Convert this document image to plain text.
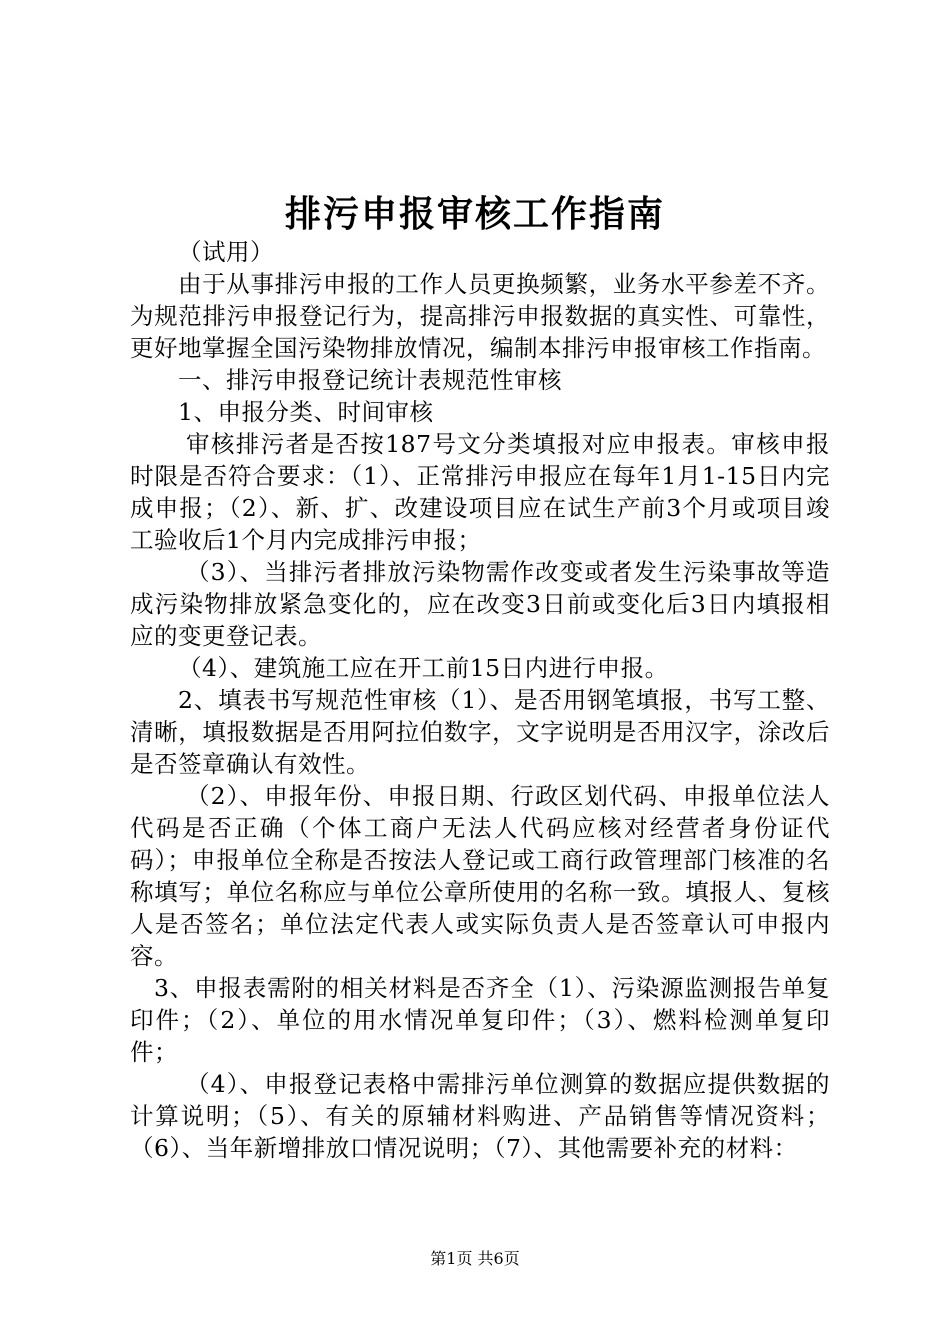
排污申报审核工作指南

（试用）

由于从事排污申报的工作人员更换频繁，业务水平参差不齐。为规范排污申报登记行为，提高排污申报数据的真实性、可靠性，更好地掌握全国污染物排放情况，编制本排污申报审核工作指南。

一、排污申报登记统计表规范性审核

1、申报分类、时间审核

审核排污者是否按187号文分类填报对应申报表。审核申报时限是否符合要求：（1）、正常排污申报应在每年1月1-15日内完成申报；（2）、新、扩、改建设项目应在试生产前3个月或项目竣工验收后1个月内完成排污申报；

（3）、当排污者排放污染物需作改变或者发生污染事故等造成污染物排放紧急变化的，应在改变3日前或变化后3日内填报相应的变更登记表。

（4）、建筑施工应在开工前15日内进行申报。

2、填表书写规范性审核（1）、是否用钢笔填报，书写工整、清晰，填报数据是否用阿拉伯数字，文字说明是否用汉字，涂改后是否签章确认有效性。

（2）、申报年份、申报日期、行政区划代码、申报单位法人代码是否正确（个体工商户无法人代码应核对经营者身份证代码）；申报单位全称是否按法人登记或工商行政管理部门核准的名称填写；单位名称应与单位公章所使用的名称一致。填报人、复核人是否签名；单位法定代表人或实际负责人是否签章认可申报内容。

3、申报表需附的相关材料是否齐全（1）、污染源监测报告单复印件；（2）、单位的用水情况单复印件；（3）、燃料检测单复印件；

（4）、申报登记表格中需排污单位测算的数据应提供数据的计算说明；（5）、有关的原辅材料购进、产品销售等情况资料；（6）、当年新增排放口情况说明；（7）、其他需要补充的材料：

第1页 共6页
